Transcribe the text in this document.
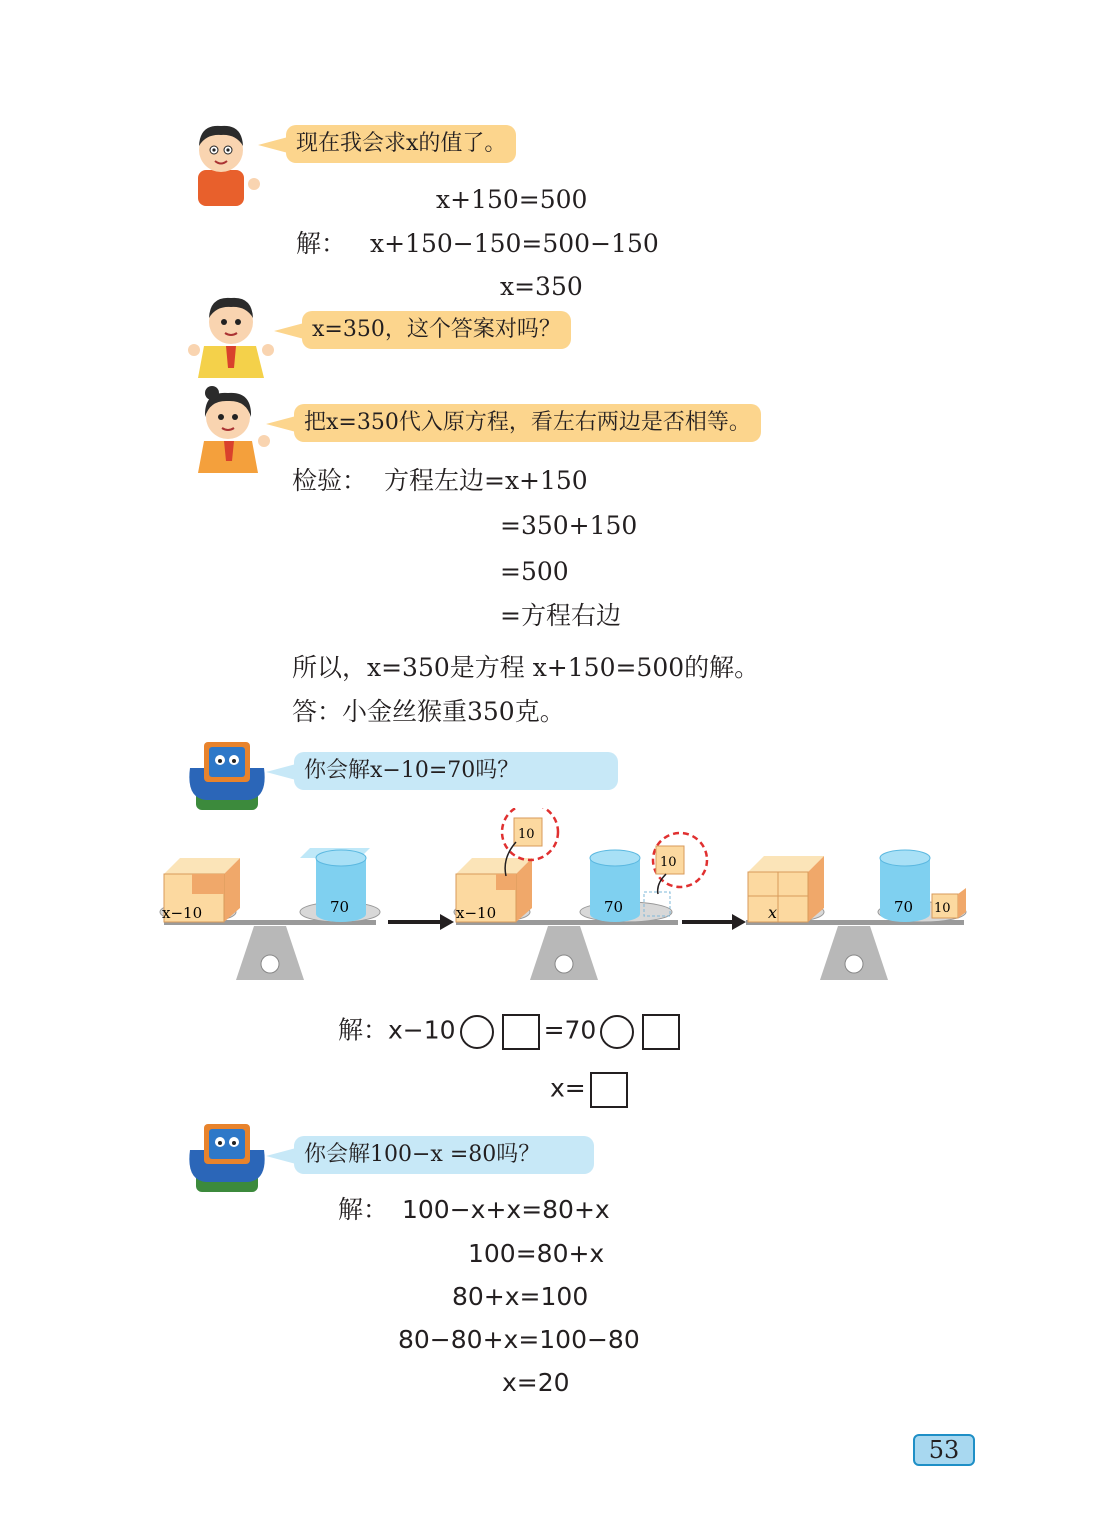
现在我会求x的值了。
x+150=500
解： x+150−150=500−150
x=350
x=350，这个答案对吗？
把x=350代入原方程，看左右两边是否相等。
检验： 方程左边=x+150
=350+150
=500
=方程右边
所以，x=350是方程 x+150=500的解。
答：小金丝猴重350克。
你会解x−10=70吗？
x−10	70	x−10	70
10
10
x	70 10
解：x−10	=70
x=
你会解100−x =80吗？
解： 100−x+x=80+x
100=80+x
80+x=100
80−80+x=100−80
x=20
53
